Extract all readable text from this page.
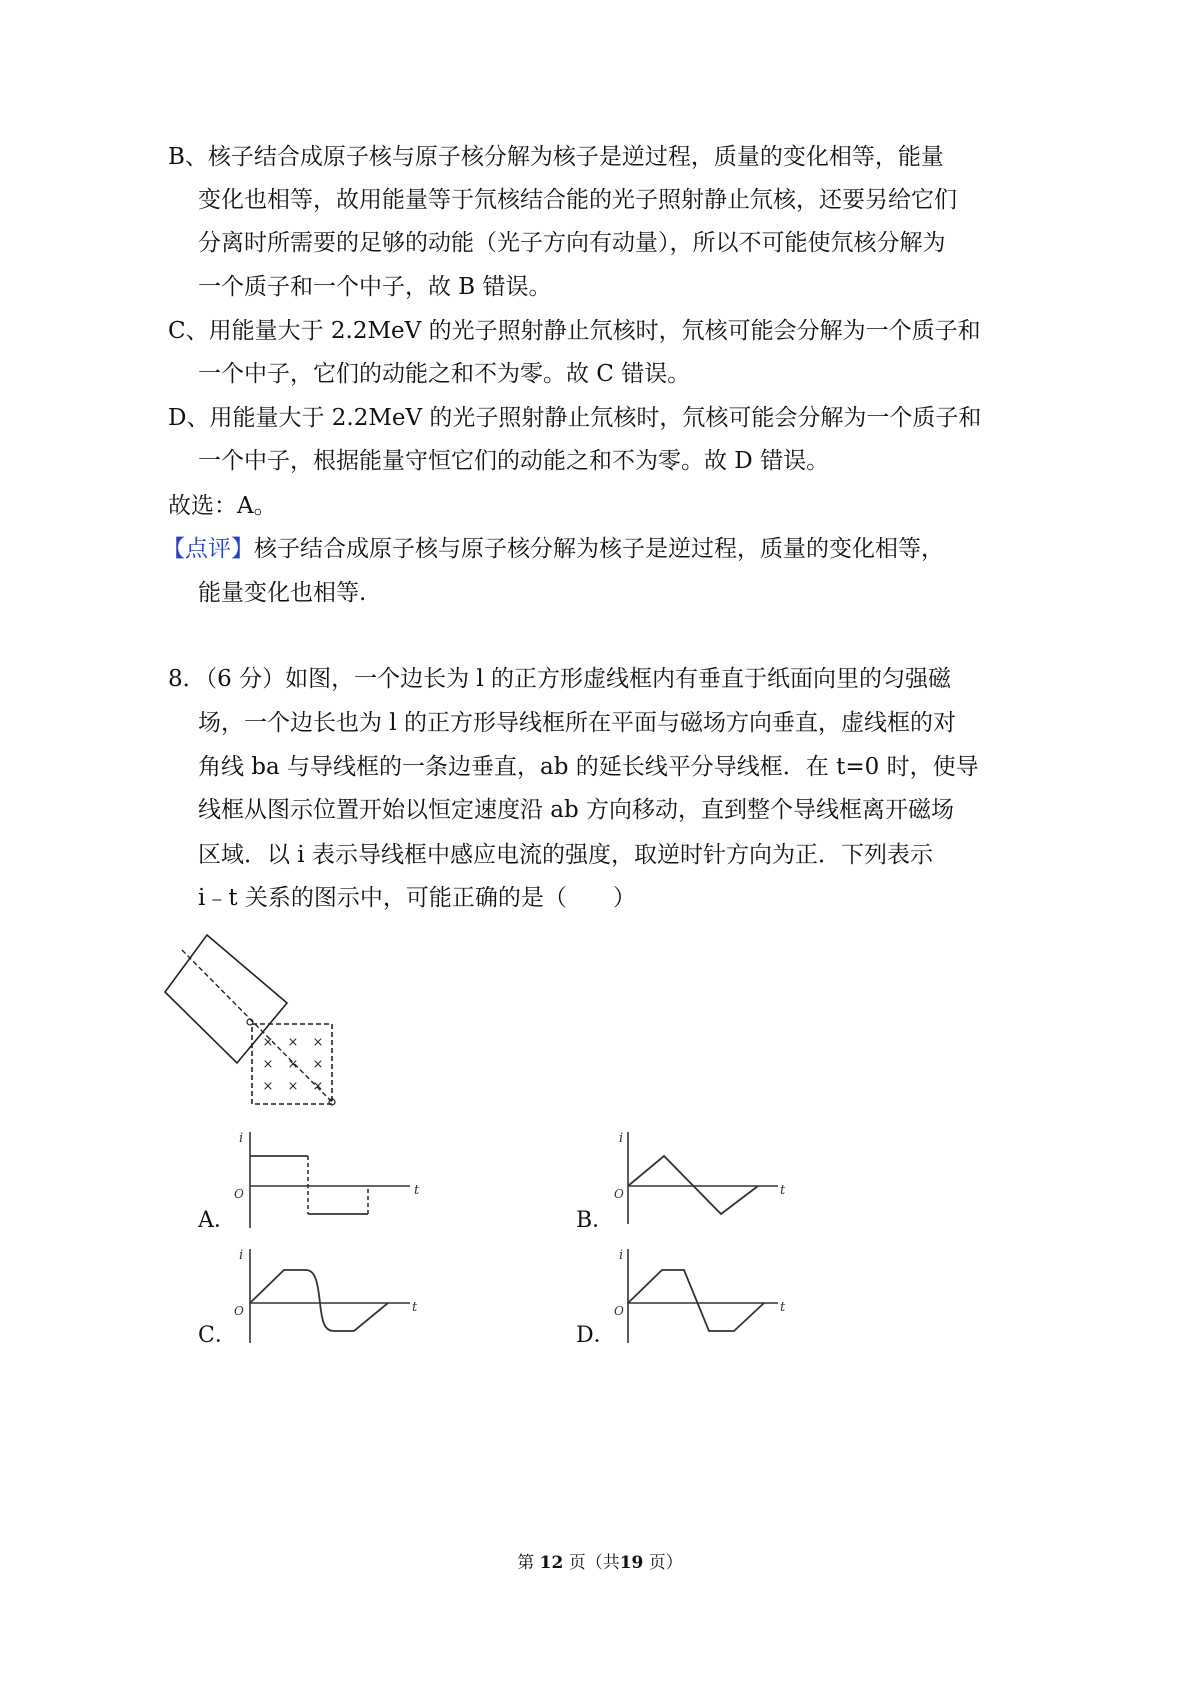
B、核子结合成原子核与原子核分解为核子是逆过程，质量的变化相等，能量
变化也相等，故用能量等于氘核结合能的光子照射静止氘核，还要另给它们
分离时所需要的足够的动能（光子方向有动量），所以不可能使氘核分解为
一个质子和一个中子，故 B 错误。
C、用能量大于 2.2MeV 的光子照射静止氘核时，氘核可能会分解为一个质子和
一个中子，它们的动能之和不为零。故 C 错误。
D、用能量大于 2.2MeV 的光子照射静止氘核时，氘核可能会分解为一个质子和
一个中子，根据能量守恒它们的动能之和不为零。故 D 错误。
故选：A。
【点评】核子结合成原子核与原子核分解为核子是逆过程，质量的变化相等，
能量变化也相等.
8．（6 分）如图，一个边长为 l 的正方形虚线框内有垂直于纸面向里的匀强磁
场，一个边长也为 l 的正方形导线框所在平面与磁场方向垂直，虚线框的对
角线 ba 与导线框的一条边垂直，ab 的延长线平分导线框．在 t=0 时，使导
线框从图示位置开始以恒定速度沿 ab 方向移动，直到整个导线框离开磁场
区域．以 i 表示导线框中感应电流的强度，取逆时针方向为正．下列表示
i﹣t 关系的图示中，可能正确的是（　　）
× × ×
× × ×
× × ×
i
t
O
A．
i
t
O
B．
i
t
O
C．
i
t
O
D．
第 12 页（共19 页）
